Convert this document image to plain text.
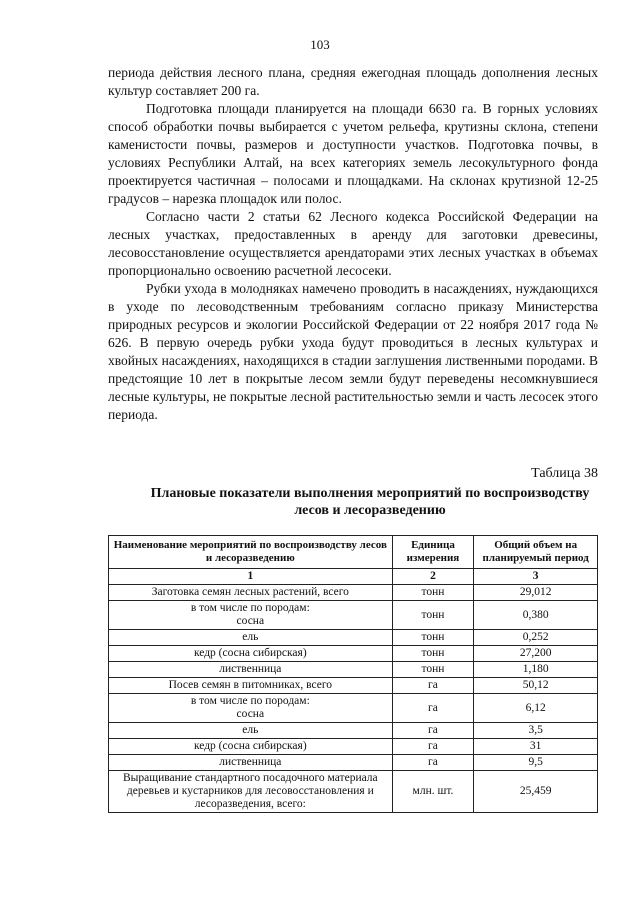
103

периода действия лесного плана, средняя ежегодная площадь дополнения лесных культур составляет 200 га.

Подготовка площади планируется на площади 6630 га. В горных условиях способ обработки почвы выбирается с учетом рельефа, крутизны склона, степени каменистости почвы, размеров и доступности участков. Подготовка почвы, в условиях Республики Алтай, на всех категориях земель лесокультурного фонда проектируется частичная – полосами и площадками. На склонах крутизной 12-25 градусов – нарезка площадок или полос.

Согласно части 2 статьи 62 Лесного кодекса Российской Федерации на лесных участках, предоставленных в аренду для заготовки древесины, лесовосстановление осуществляется арендаторами этих лесных участках в объемах пропорционально освоению расчетной лесосеки.

Рубки ухода в молодняках намечено проводить в насаждениях, нуждающихся в уходе по лесоводственным требованиям согласно приказу Министерства природных ресурсов и экологии Российской Федерации от 22 ноября 2017 года № 626. В первую очередь рубки ухода будут проводиться в лесных культурах и хвойных насаждениях, находящихся в стадии заглушения лиственными породами. В предстоящие 10 лет в покрытые лесом земли будут переведены несомкнувшиеся лесные культуры, не покрытые лесной растительностью земли и часть лесосек этого периода.

Таблица 38
Плановые показатели выполнения мероприятий по воспроизводству лесов и лесоразведению
Наименование мероприятий по воспроизводству лесов и лесоразведению	Единица измерения	Общий объем на планируемый период
1	2	3
Заготовка семян лесных растений, всего	тонн	29,012

в том числе по породам:
сосна	тонн	0,380
ель	тонн	0,252
кедр (сосна сибирская)	тонн	27,200
лиственница	тонн	1,180
Посев семян в питомниках, всего	га	50,12

в том числе по породам:
сосна	га	6,12
ель	га	3,5
кедр (сосна сибирская)	га	31
лиственница	га	9,5
Выращивание стандартного посадочного материала деревьев и кустарников для лесовосстановления и лесоразведения, всего:	млн. шт.	25,459
